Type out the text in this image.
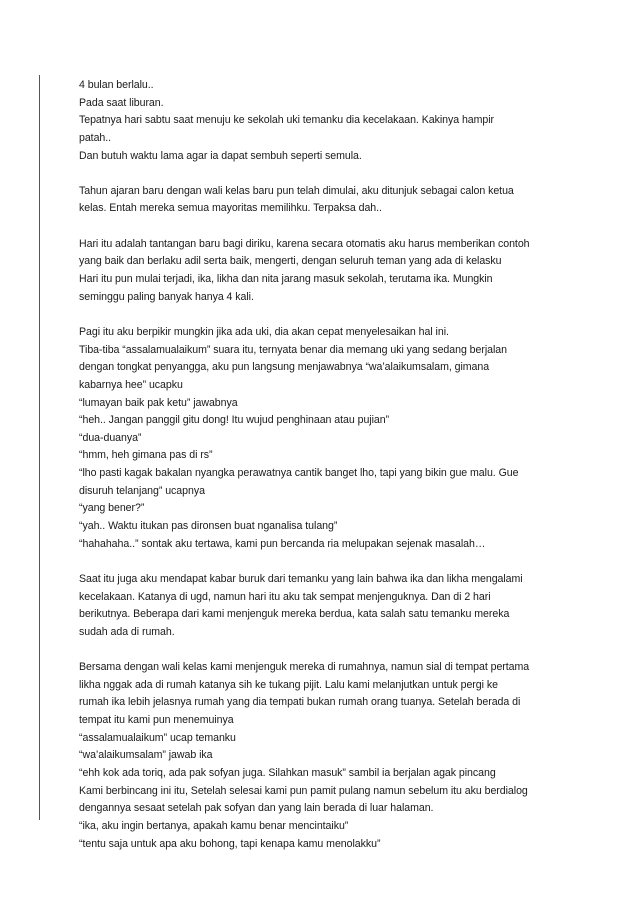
4 bulan berlalu..
Pada saat liburan.
Tepatnya hari sabtu saat menuju ke sekolah uki temanku dia kecelakaan. Kakinya hampir
patah..
Dan butuh waktu lama agar ia dapat sembuh seperti semula.
Tahun ajaran baru dengan wali kelas baru pun telah dimulai, aku ditunjuk sebagai calon ketua
kelas. Entah mereka semua mayoritas memilihku. Terpaksa dah..
Hari itu adalah tantangan baru bagi diriku, karena secara otomatis aku harus memberikan contoh
yang baik dan berlaku adil serta baik, mengerti, dengan seluruh teman yang ada di kelasku
Hari itu pun mulai terjadi, ika, likha dan nita jarang masuk sekolah, terutama ika. Mungkin
seminggu paling banyak hanya 4 kali.
Pagi itu aku berpikir mungkin jika ada uki, dia akan cepat menyelesaikan hal ini.
Tiba-tiba “assalamualaikum” suara itu, ternyata benar dia memang uki yang sedang berjalan
dengan tongkat penyangga, aku pun langsung menjawabnya “wa’alaikumsalam, gimana
kabarnya hee” ucapku
“lumayan baik pak ketu” jawabnya
“heh.. Jangan panggil gitu dong! Itu wujud penghinaan atau pujian”
“dua-duanya”
“hmm, heh gimana pas di rs”
“lho pasti kagak bakalan nyangka perawatnya cantik banget lho, tapi yang bikin gue malu. Gue
disuruh telanjang” ucapnya
“yang bener?”
“yah.. Waktu itukan pas dironsen buat nganalisa tulang”
“hahahaha..” sontak aku tertawa, kami pun bercanda ria melupakan sejenak masalah…
Saat itu juga aku mendapat kabar buruk dari temanku yang lain bahwa ika dan likha mengalami
kecelakaan. Katanya di ugd, namun hari itu aku tak sempat menjenguknya. Dan di 2 hari
berikutnya. Beberapa dari kami menjenguk mereka berdua, kata salah satu temanku mereka
sudah ada di rumah.
Bersama dengan wali kelas kami menjenguk mereka di rumahnya, namun sial di tempat pertama
likha nggak ada di rumah katanya sih ke tukang pijit. Lalu kami melanjutkan untuk pergi ke
rumah ika lebih jelasnya rumah yang dia tempati bukan rumah orang tuanya. Setelah berada di
tempat itu kami pun menemuinya
“assalamualaikum” ucap temanku
“wa’alaikumsalam” jawab ika
“ehh kok ada toriq, ada pak sofyan juga. Silahkan masuk” sambil ia berjalan agak pincang
Kami berbincang ini itu, Setelah selesai kami pun pamit pulang namun sebelum itu aku berdialog
dengannya sesaat setelah pak sofyan dan yang lain berada di luar halaman.
“ika, aku ingin bertanya, apakah kamu benar mencintaiku”
“tentu saja untuk apa aku bohong, tapi kenapa kamu menolakku”
